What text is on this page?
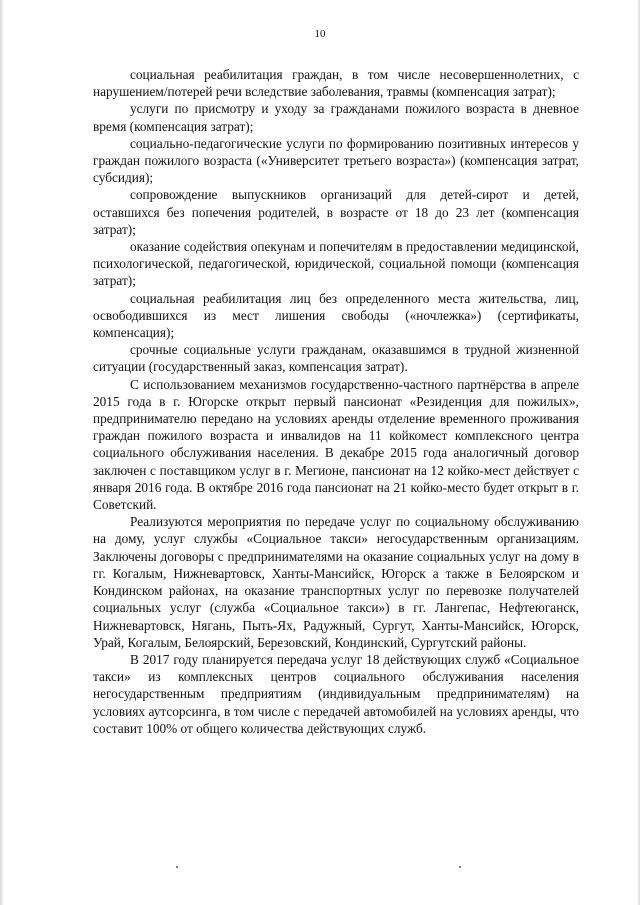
10

социальная реабилитация граждан, в том числе несовершеннолетних, с нарушением/потерей речи вследствие заболевания, травмы (компенсация затрат);

услуги по присмотру и уходу за гражданами пожилого возраста в дневное время (компенсация затрат);

социально-педагогические услуги по формированию позитивных интересов у граждан пожилого возраста («Университет третьего возраста») (компенсация затрат, субсидия);

сопровождение выпускников организаций для детей-сирот и детей, оставшихся без попечения родителей, в возрасте от 18 до 23 лет (компенсация затрат);

оказание содействия опекунам и попечителям в предоставлении медицинской, психологической, педагогической, юридической, социальной помощи (компенсация затрат);

социальная реабилитация лиц без определенного места жительства, лиц, освободившихся из мест лишения свободы («ночлежка») (сертификаты, компенсация);

срочные социальные услуги гражданам, оказавшимся в трудной жизненной ситуации (государственный заказ, компенсация затрат).

С использованием механизмов государственно-частного партнёрства в апреле 2015 года в г. Югорске открыт первый пансионат «Резиденция для пожилых», предпринимателю передано на условиях аренды отделение временного проживания граждан пожилого возраста и инвалидов на 11 койкомест комплексного центра социального обслуживания населения. В декабре 2015 года аналогичный договор заключен с поставщиком услуг в г. Мегионе, пансионат на 12 койко-мест действует с января 2016 года. В октябре 2016 года пансионат на 21 койко-место будет открыт в г. Советский.

Реализуются мероприятия по передаче услуг по социальному обслуживанию на дому, услуг службы «Социальное такси» негосударственным организациям. Заключены договоры с предпринимателями на оказание социальных услуг на дому в гг. Когалым, Нижневартовск, Ханты-Мансийск, Югорск а также в Белоярском и Кондинском районах, на оказание транспортных услуг по перевозке получателей социальных услуг (служба «Социальное такси») в гг. Лангепас, Нефтеюганск, Нижневартовск, Нягань, Пыть-Ях, Радужный, Сургут, Ханты-Мансийск, Югорск, Урай, Когалым, Белоярский, Березовский, Кондинский, Сургутский районы.

В 2017 году планируется передача услуг 18 действующих служб «Социальное такси» из комплексных центров социального обслуживания населения негосударственным предприятиям (индивидуальным предпринимателям) на условиях аутсорсинга, в том числе с передачей автомобилей на условиях аренды, что составит 100% от общего количества действующих служб.
